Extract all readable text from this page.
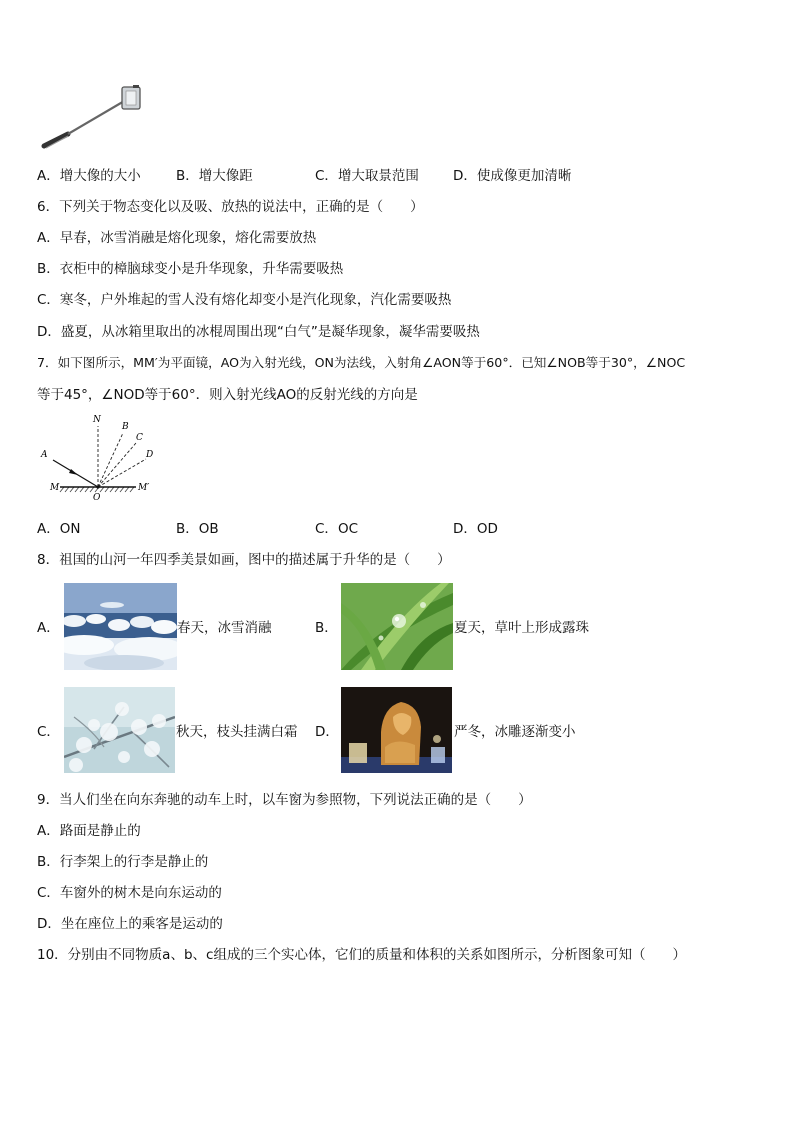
A．增大像的大小	B．增大像距	C．增大取景范围	D．使成像更加清晰
6．下列关于物态变化以及吸、放热的说法中，正确的是（　　）
A．早春，冰雪消融是熔化现象，熔化需要放热
B．衣柜中的樟脑球变小是升华现象，升华需要吸热
C．寒冬，户外堆起的雪人没有熔化却变小是汽化现象，汽化需要吸热
D．盛夏，从冰箱里取出的冰棍周围出现“白气”是凝华现象，凝华需要吸热
7．如下图所示，MM′为平面镜，AO为入射光线，ON为法线，入射角∠AON等于60°．已知∠NOB等于30°，∠NOC
等于45°，∠NOD等于60°．则入射光线AO的反射光线的方向是
N
B
C
D
A
M
O
M′
A．ON	B．OB	C．OC	D．OD
8．祖国的山河一年四季美景如画，图中的描述属于升华的是（　　）
A．	春天，冰雪消融	B．	夏天，草叶上形成露珠
C．	秋天，枝头挂满白霜 D．	严冬，冰雕逐渐变小
9．当人们坐在向东奔驰的动车上时，以车窗为参照物，下列说法正确的是（　　）
A．路面是静止的
B．行李架上的行李是静止的
C．车窗外的树木是向东运动的
D．坐在座位上的乘客是运动的
10．分别由不同物质a、b、c组成的三个实心体，它们的质量和体积的关系如图所示，分析图象可知（　　）
